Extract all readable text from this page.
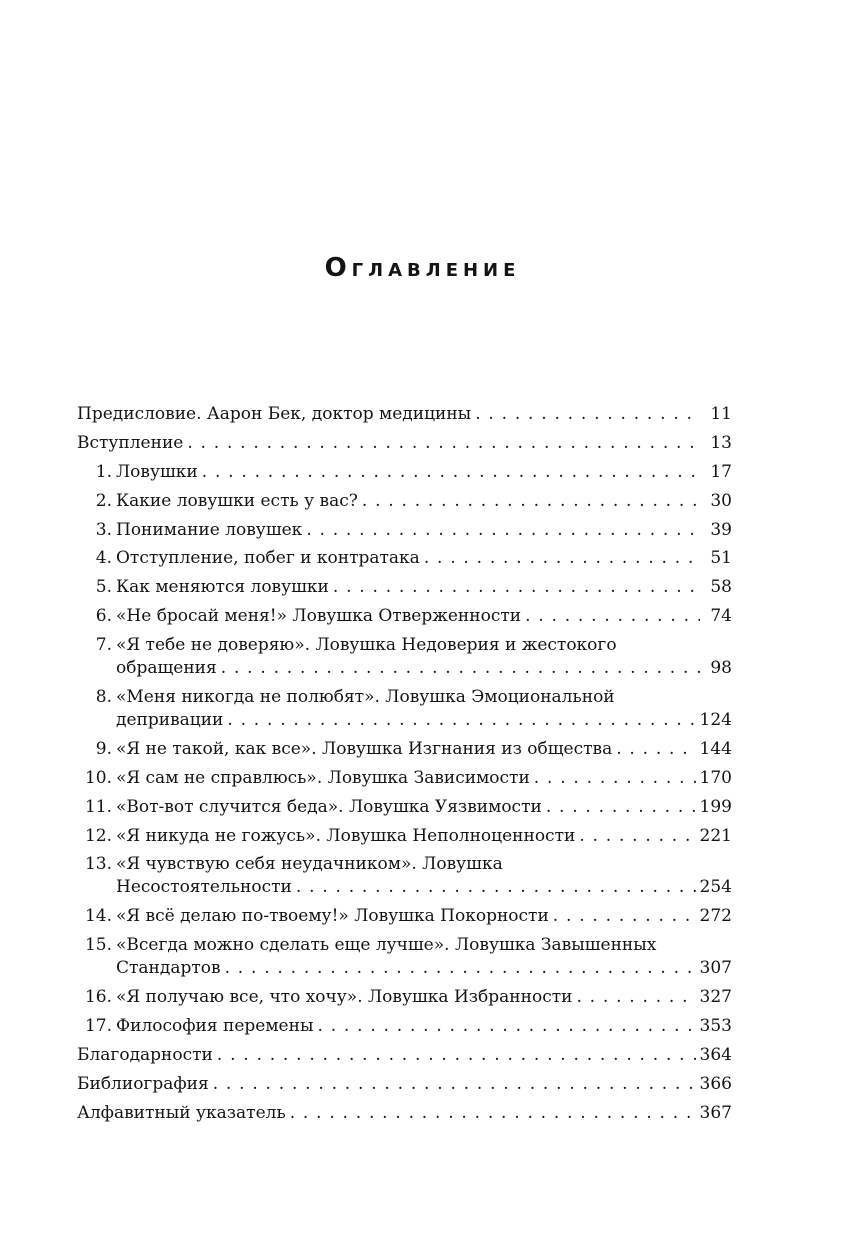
Оглавление
Предисловие. Аарон Бек, доктор медицины . . .	11
Вступление . . .	13
1. Ловушки . . .	17
2. Какие ловушки есть у вас? . . .	30
3. Понимание ловушек . . .	39
4. Отступление, побег и контратака . . .	51
5. Как меняются ловушки . . .	58
6. «Не бросай меня!» Ловушка Отверженности . . .	74
7. «Я тебе не доверяю». Ловушка Недоверия и жестокого
обращения . . .	98
8. «Меня никогда не полюбят». Ловушка Эмоциональной
депривации . . .	124
9. «Я не такой, как все». Ловушка Изгнания из общества . . .	144
10. «Я сам не справлюсь». Ловушка Зависимости . . .	170
11. «Вот-вот случится беда». Ловушка Уязвимости . . .	199
12. «Я никуда не гожусь». Ловушка Неполноценности . . .	221
13. «Я чувствую себя неудачником». Ловушка
Несостоятельности . . .	254
14. «Я всё делаю по-твоему!» Ловушка Покорности . . .	272
15. «Всегда можно сделать еще лучше». Ловушка Завышенных
Стандартов . . .	307
16. «Я получаю все, что хочу». Ловушка Избранности . . .	327
17. Философия перемены . . .	353
Благодарности . . .	364
Библиография . . .	366
Алфавитный указатель . . .	367
